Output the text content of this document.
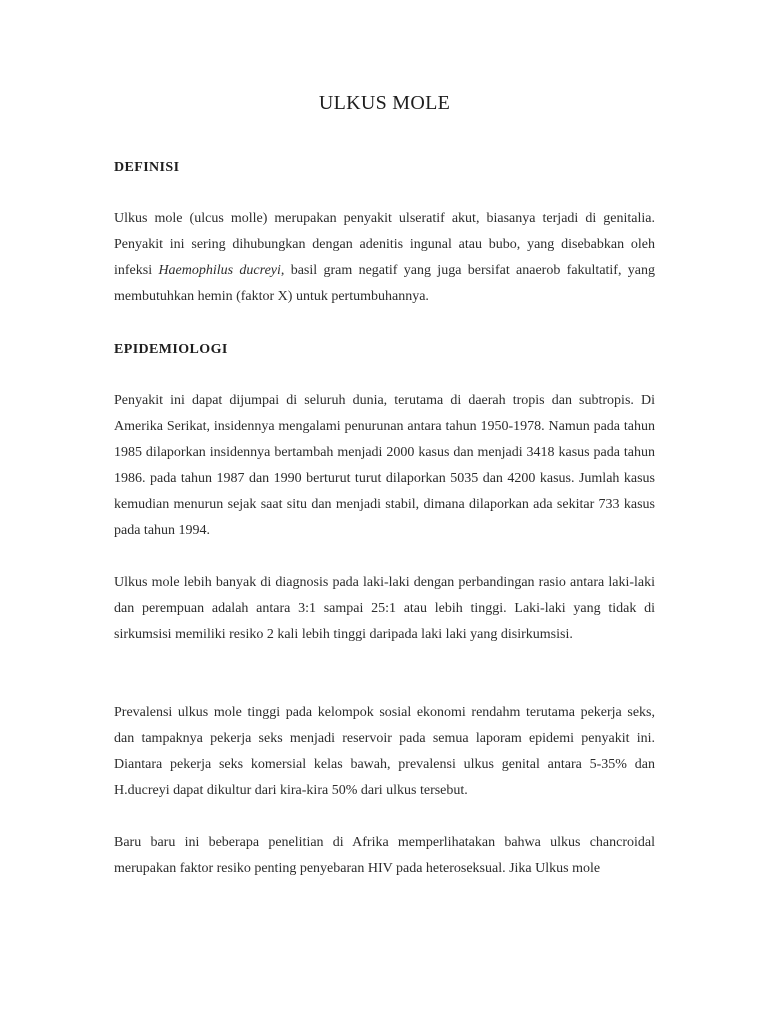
ULKUS MOLE
DEFINISI

Ulkus mole (ulcus molle) merupakan penyakit ulseratif akut, biasanya terjadi di genitalia. Penyakit ini sering dihubungkan dengan adenitis ingunal atau bubo, yang disebabkan oleh infeksi Haemophilus ducreyi, basil gram negatif yang juga bersifat anaerob fakultatif, yang membutuhkan hemin (faktor X) untuk pertumbuhannya.

EPIDEMIOLOGI

Penyakit ini dapat dijumpai di seluruh dunia, terutama di daerah tropis dan subtropis. Di Amerika Serikat, insidennya mengalami penurunan antara tahun 1950-1978. Namun pada tahun 1985 dilaporkan insidennya bertambah menjadi 2000 kasus dan menjadi 3418 kasus pada tahun 1986. pada tahun 1987 dan 1990 berturut turut dilaporkan 5035 dan 4200 kasus. Jumlah kasus kemudian menurun sejak saat situ dan menjadi stabil, dimana dilaporkan ada sekitar 733 kasus pada tahun 1994.

Ulkus mole lebih banyak di diagnosis pada laki-laki dengan perbandingan rasio antara laki-laki dan perempuan adalah antara 3:1 sampai 25:1 atau lebih tinggi. Laki-laki yang tidak di sirkumsisi memiliki resiko 2 kali lebih tinggi daripada laki laki yang disirkumsisi.

Prevalensi ulkus mole tinggi pada kelompok sosial ekonomi rendahm terutama pekerja seks, dan tampaknya pekerja seks menjadi reservoir pada semua laporam epidemi penyakit ini. Diantara pekerja seks komersial kelas bawah, prevalensi ulkus genital antara 5-35% dan H.ducreyi dapat dikultur dari kira-kira 50% dari ulkus tersebut.

Baru baru ini beberapa penelitian di Afrika memperlihatakan bahwa ulkus chancroidal merupakan faktor resiko penting penyebaran HIV pada heteroseksual. Jika Ulkus mole
